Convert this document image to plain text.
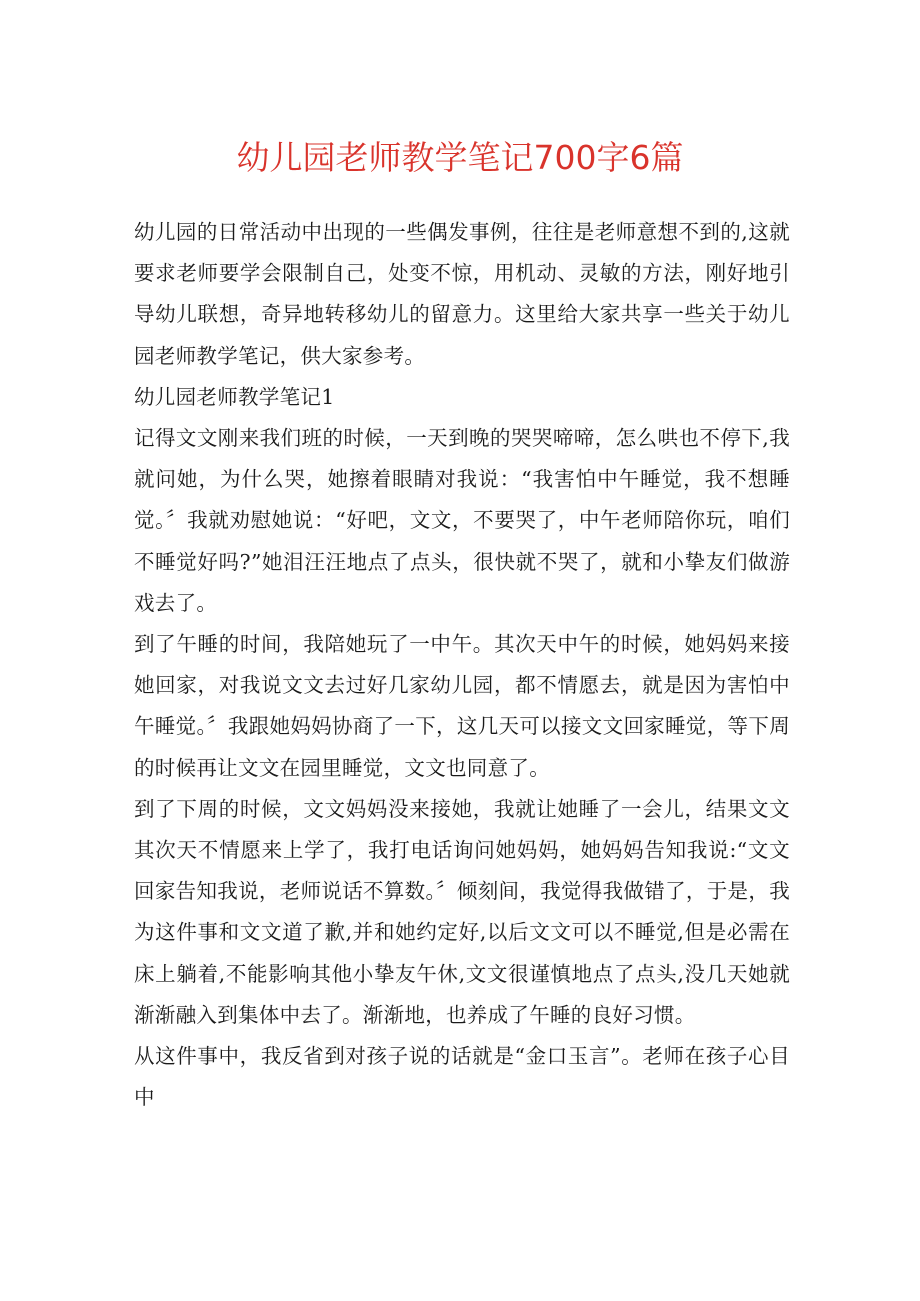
幼儿园老师教学笔记700字6篇

幼儿园的日常活动中出现的一些偶发事例，往往是老师意想不到的,这就要求老师要学会限制自己，处变不惊，用机动、灵敏的方法，刚好地引导幼儿联想，奇异地转移幼儿的留意力。这里给大家共享一些关于幼儿园老师教学笔记，供大家参考。

幼儿园老师教学笔记1

记得文文刚来我们班的时候，一天到晚的哭哭啼啼，怎么哄也不停下,我就问她，为什么哭，她擦着眼睛对我说：“我害怕中午睡觉，我不想睡觉。〞我就劝慰她说：“好吧，文文，不要哭了，中午老师陪你玩，咱们不睡觉好吗?”她泪汪汪地点了点头，很快就不哭了，就和小挚友们做游戏去了。

到了午睡的时间，我陪她玩了一中午。其次天中午的时候，她妈妈来接她回家，对我说文文去过好几家幼儿园，都不情愿去，就是因为害怕中午睡觉。〞我跟她妈妈协商了一下，这几天可以接文文回家睡觉，等下周的时候再让文文在园里睡觉，文文也同意了。

到了下周的时候，文文妈妈没来接她，我就让她睡了一会儿，结果文文其次天不情愿来上学了，我打电话询问她妈妈，她妈妈告知我说:“文文回家告知我说，老师说话不算数。〞倾刻间，我觉得我做错了，于是，我为这件事和文文道了歉,并和她约定好,以后文文可以不睡觉,但是必需在床上躺着,不能影响其他小挚友午休,文文很谨慎地点了点头,没几天她就渐渐融入到集体中去了。渐渐地，也养成了午睡的良好习惯。

从这件事中，我反省到对孩子说的话就是“金口玉言”。老师在孩子心目中
